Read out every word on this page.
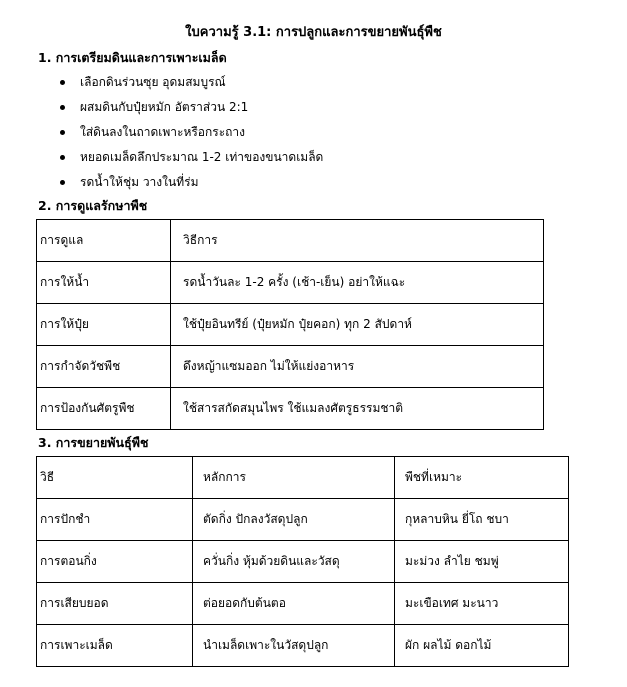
ใบความรู้ 3.1: การปลูกและการขยายพันธุ์พืช
1. การเตรียมดินและการเพาะเมล็ด
เลือกดินร่วนซุย อุดมสมบูรณ์
ผสมดินกับปุ๋ยหมัก อัตราส่วน 2:1
ใส่ดินลงในถาดเพาะหรือกระถาง
หยอดเมล็ดลึกประมาณ 1-2 เท่าของขนาดเมล็ด
รดน้ำให้ชุ่ม วางในที่ร่ม
2. การดูแลรักษาพืช
การดูแล	วิธีการ
การให้น้ำ	รดน้ำวันละ 1-2 ครั้ง (เช้า-เย็น) อย่าให้แฉะ
การให้ปุ๋ย	ใช้ปุ๋ยอินทรีย์ (ปุ๋ยหมัก ปุ๋ยคอก) ทุก 2 สัปดาห์
การกำจัดวัชพืช	ดึงหญ้าแซมออก ไม่ให้แย่งอาหาร
การป้องกันศัตรูพืช	ใช้สารสกัดสมุนไพร ใช้แมลงศัตรูธรรมชาติ
3. การขยายพันธุ์พืช
วิธี	หลักการ	พืชที่เหมาะ
การปักชำ	ตัดกิ่ง ปักลงวัสดุปลูก	กุหลาบหิน ยี่โถ ชบา
การตอนกิ่ง	ควั่นกิ่ง หุ้มด้วยดินและวัสดุ	มะม่วง ลำไย ชมพู่
การเสียบยอด	ต่อยอดกับต้นตอ	มะเขือเทศ มะนาว
การเพาะเมล็ด	นำเมล็ดเพาะในวัสดุปลูก	ผัก ผลไม้ ดอกไม้
